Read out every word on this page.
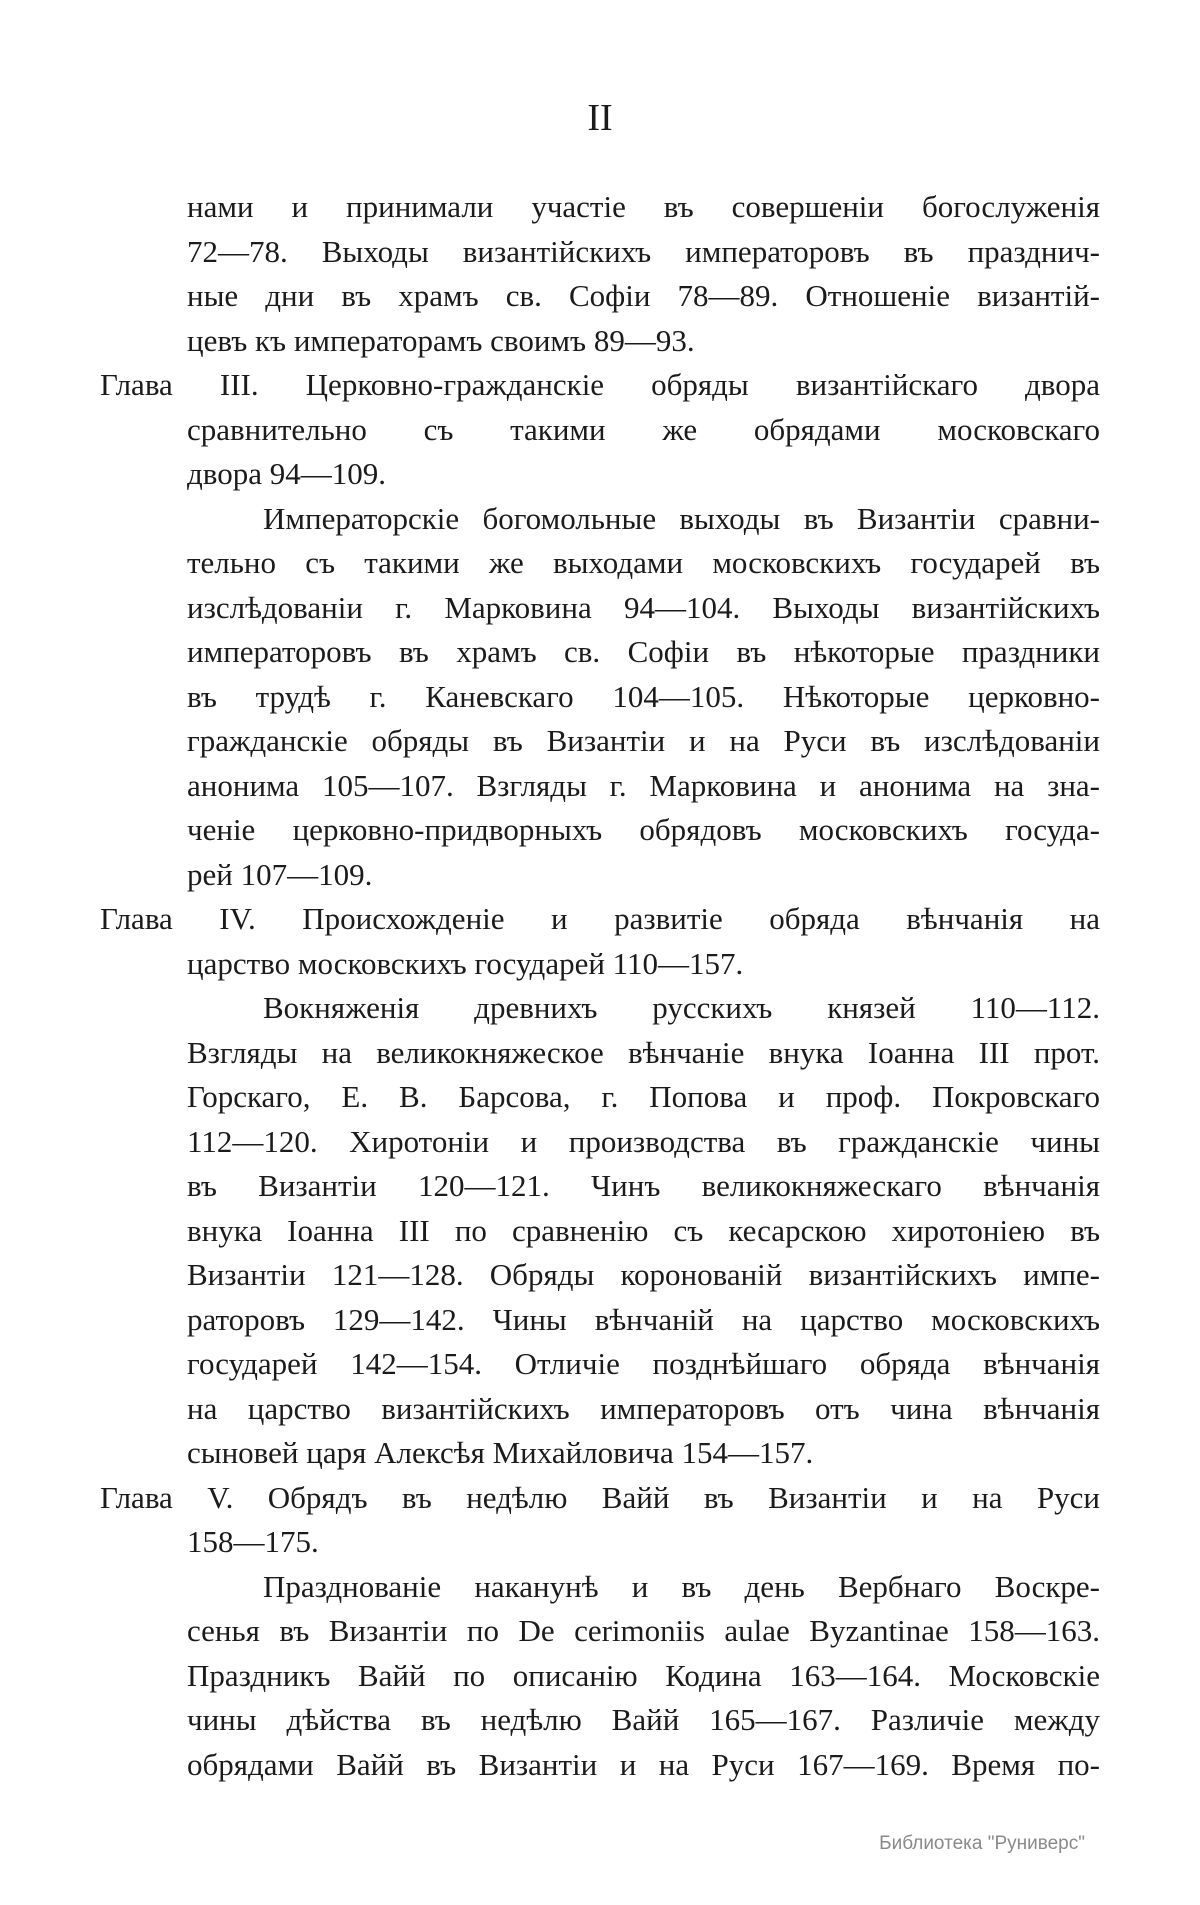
II
нами и принимали участіе въ совершеніи богослуженія
72—78. Выходы византійскихъ императоровъ въ празднич-
ные дни въ храмъ св. Софіи 78—89. Отношеніе византій-
цевъ къ императорамъ своимъ 89—93.
Глава III. Церковно-гражданскіе обряды византійскаго двора
сравнительно съ такими же обрядами московскаго
двора 94—109.
Императорскіе богомольные выходы въ Византіи сравни-
тельно съ такими же выходами московскихъ государей въ
изслѣдованіи г. Марковина 94—104. Выходы византійскихъ
императоровъ въ храмъ св. Софіи въ нѣкоторые праздники
въ трудѣ г. Каневскаго 104—105. Нѣкоторые церковно-
гражданскіе обряды въ Византіи и на Руси въ изслѣдованіи
анонима 105—107. Взгляды г. Марковина и анонима на зна-
ченіе церковно-придворныхъ обрядовъ московскихъ госуда-
рей 107—109.
Глава IV. Происхожденіе и развитіе обряда вѣнчанія на
царство московскихъ государей 110—157.
Вокняженія древнихъ русскихъ князей 110—112.
Взгляды на великокняжеское вѣнчаніе внука Іоанна III прот.
Горскаго, Е. В. Барсова, г. Попова и проф. Покровскаго
112—120. Хиротоніи и производства въ гражданскіе чины
въ Византіи 120—121. Чинъ великокняжескаго вѣнчанія
внука Іоанна III по сравненію съ кесарскою хиротоніею въ
Византіи 121—128. Обряды коронованій византійскихъ импе-
раторовъ 129—142. Чины вѣнчаній на царство московскихъ
государей 142—154. Отличіе позднѣйшаго обряда вѣнчанія
на царство византійскихъ императоровъ отъ чина вѣнчанія
сыновей царя Алексѣя Михайловича 154—157.
Глава V. Обрядъ въ недѣлю Вайй въ Византіи и на Руси
158—175.
Празднованіе наканунѣ и въ день Вербнаго Воскре-
сенья въ Византіи по De cerimoniis aulae Byzantinae 158—163.
Праздникъ Вайй по описанію Кодина 163—164. Московскіе
чины дѣйства въ недѣлю Вайй 165—167. Различіе между
обрядами Вайй въ Византіи и на Руси 167—169. Время по-
Библиотека "Руниверс"
